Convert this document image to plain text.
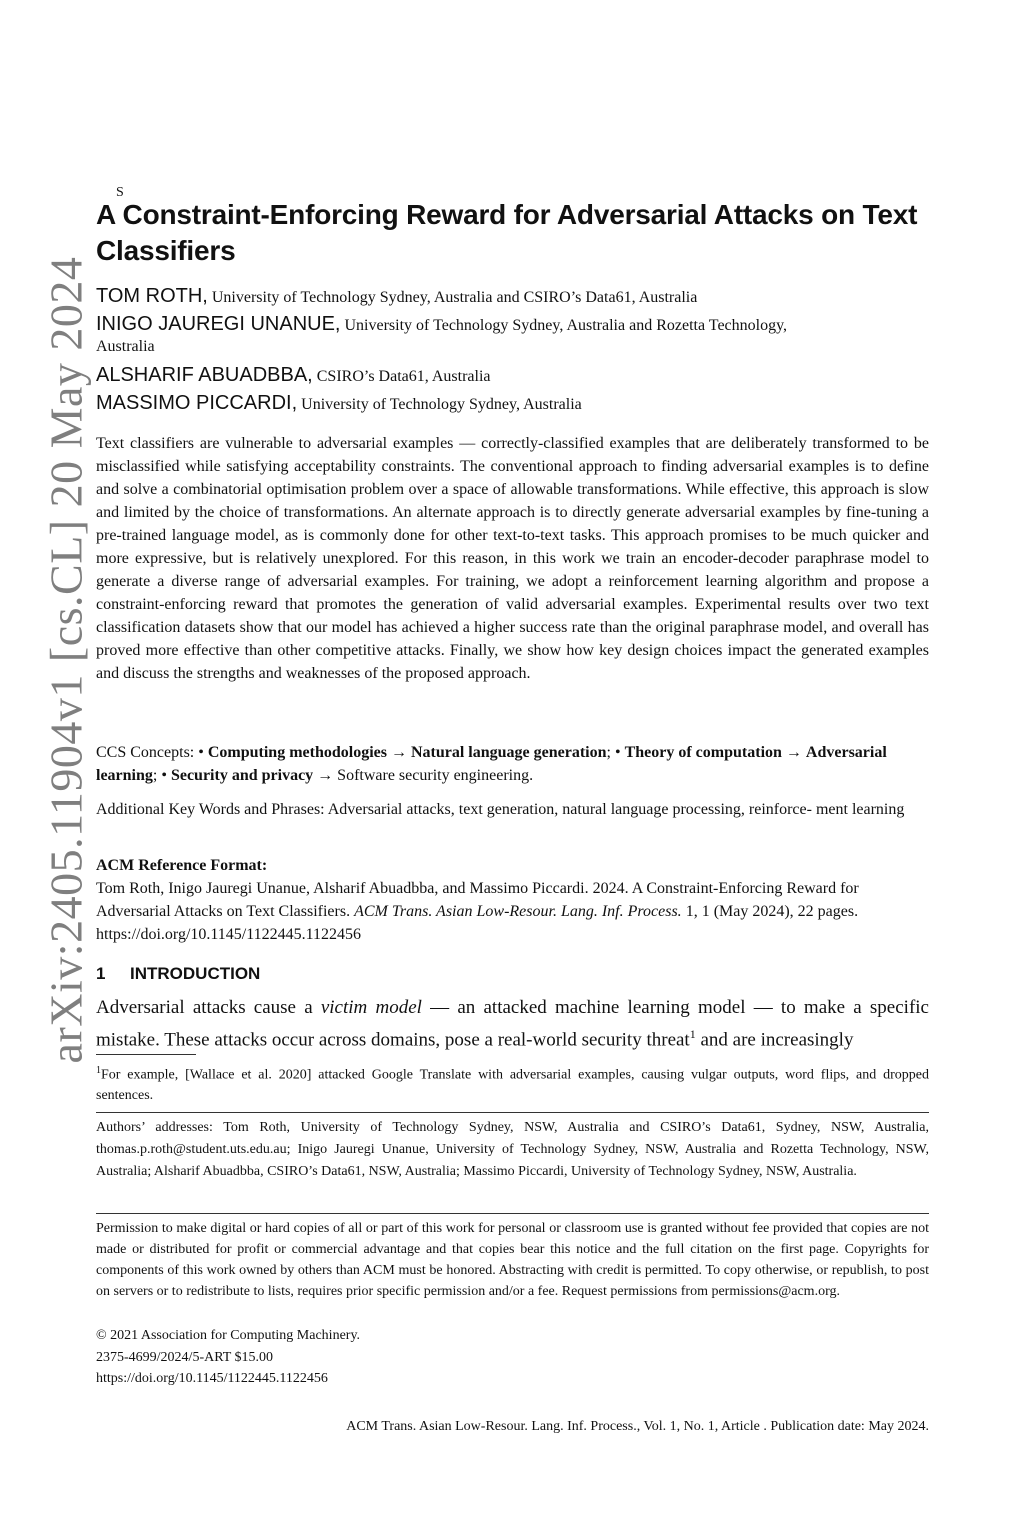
arXiv:2405.11904v1 [cs.CL] 20 May 2024
S
A Constraint-Enforcing Reward for Adversarial Attacks on Text Classifiers
TOM ROTH, University of Technology Sydney, Australia and CSIRO’s Data61, Australia
INIGO JAUREGI UNANUE, University of Technology Sydney, Australia and Rozetta Technology,
Australia
ALSHARIF ABUADBBA, CSIRO’s Data61, Australia
MASSIMO PICCARDI, University of Technology Sydney, Australia

Text classifiers are vulnerable to adversarial examples — correctly-classified examples that are deliberately transformed to be misclassified while satisfying acceptability constraints. The conventional approach to finding adversarial examples is to define and solve a combinatorial optimisation problem over a space of allowable transformations. While effective, this approach is slow and limited by the choice of transformations. An alternate approach is to directly generate adversarial examples by fine-tuning a pre-trained language model, as is commonly done for other text-to-text tasks. This approach promises to be much quicker and more expressive, but is relatively unexplored. For this reason, in this work we train an encoder-decoder paraphrase model to generate a diverse range of adversarial examples. For training, we adopt a reinforcement learning algorithm and propose a constraint-enforcing reward that promotes the generation of valid adversarial examples. Experimental results over two text classification datasets show that our model has achieved a higher success rate than the original paraphrase model, and overall has proved more effective than other competitive attacks. Finally, we show how key design choices impact the generated examples and discuss the strengths and weaknesses of the proposed approach.

CCS Concepts: • Computing methodologies → Natural language generation; • Theory of computation → Adversarial learning; • Security and privacy → Software security engineering.

Additional Key Words and Phrases: Adversarial attacks, text generation, natural language processing, reinforce- ment learning

ACM Reference Format:
Tom Roth, Inigo Jauregi Unanue, Alsharif Abuadbba, and Massimo Piccardi. 2024. A Constraint-Enforcing Reward for Adversarial Attacks on Text Classifiers. ACM Trans. Asian Low-Resour. Lang. Inf. Process. 1, 1 (May 2024), 22 pages. https://doi.org/10.1145/1122445.1122456
1 INTRODUCTION

Adversarial attacks cause a victim model — an attacked machine learning model — to make a specific mistake. These attacks occur across domains, pose a real-world security threat$^1$ and are increasingly

$^1$For example, [Wallace et al. 2020] attacked Google Translate with adversarial examples, causing vulgar outputs, word flips, and dropped sentences.

Authors’ addresses: Tom Roth, University of Technology Sydney, NSW, Australia and CSIRO’s Data61, Sydney, NSW, Australia, thomas.p.roth@student.uts.edu.au; Inigo Jauregi Unanue, University of Technology Sydney, NSW, Australia and Rozetta Technology, NSW, Australia; Alsharif Abuadbba, CSIRO’s Data61, NSW, Australia; Massimo Piccardi, University of Technology Sydney, NSW, Australia.

Permission to make digital or hard copies of all or part of this work for personal or classroom use is granted without fee provided that copies are not made or distributed for profit or commercial advantage and that copies bear this notice and the full citation on the first page. Copyrights for components of this work owned by others than ACM must be honored. Abstracting with credit is permitted. To copy otherwise, or republish, to post on servers or to redistribute to lists, requires prior specific permission and/or a fee. Request permissions from permissions@acm.org.

© 2021 Association for Computing Machinery.

2375-4699/2024/5-ART $15.00

https://doi.org/10.1145/1122445.1122456

ACM Trans. Asian Low-Resour. Lang. Inf. Process., Vol. 1, No. 1, Article . Publication date: May 2024.
